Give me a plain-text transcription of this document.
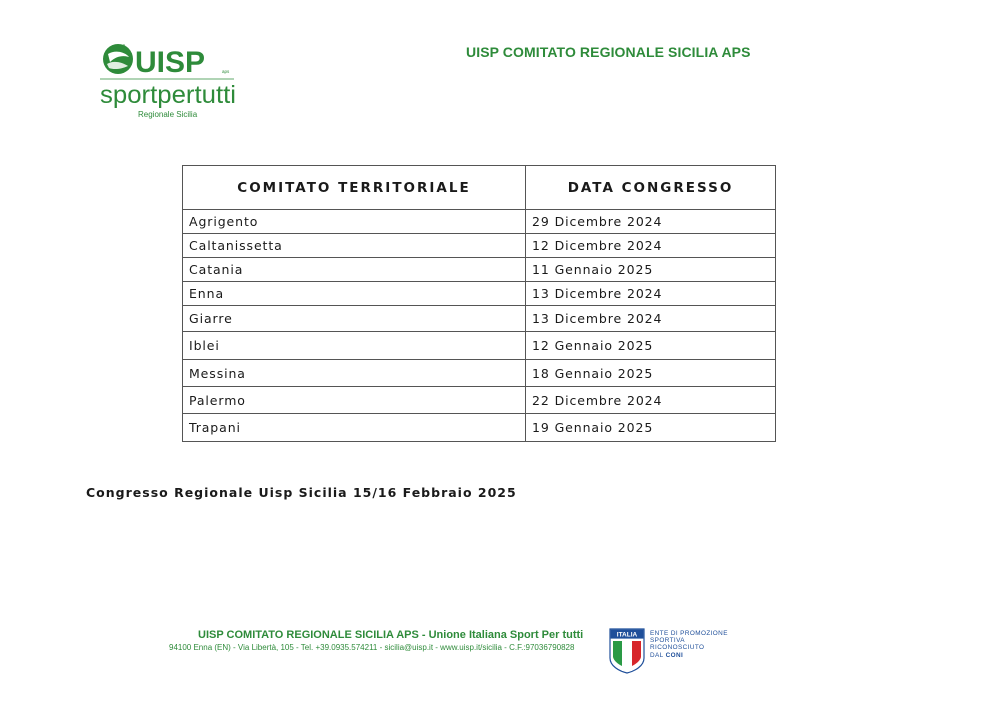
UISP
UISP	aps
sportpertutti
Regionale Sicilia
UISP COMITATO REGIONALE SICILIA APS
COMITATO TERRITORIALE	DATA CONGRESSO
Agrigento	29 Dicembre 2024
Caltanissetta	12 Dicembre 2024
Catania	11 Gennaio 2025
Enna	13 Dicembre 2024
Giarre	13 Dicembre 2024
Iblei	12 Gennaio 2025
Messina	18 Gennaio 2025
Palermo	22 Dicembre 2024
Trapani	19 Gennaio 2025
Congresso Regionale Uisp Sicilia 15/16 Febbraio 2025
UISP COMITATO REGIONALE SICILIA APS - Unione Italiana Sport Per tutti
94100 Enna (EN) - Via Libertà, 105 - Tel. +39.0935.574211 - sicilia@uisp.it - www.uisp.it/sicilia - C.F.:97036790828
ITALIA ENTE DI PROMOZIONE
SPORTIVA
RICONOSCIUTO
DAL CONI
